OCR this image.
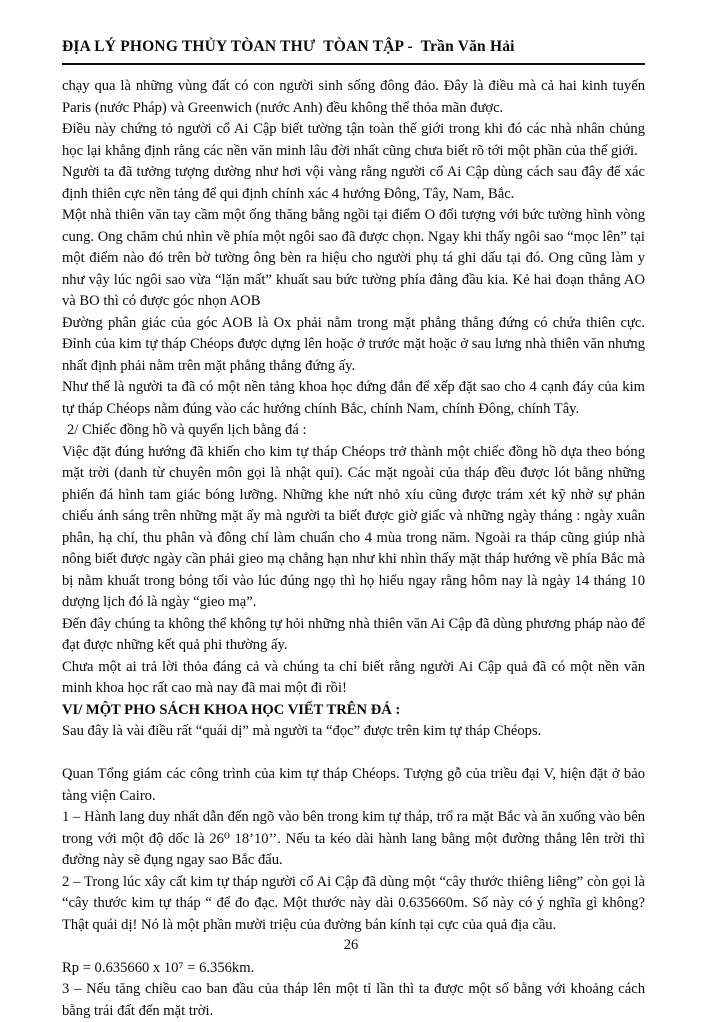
ĐỊA LÝ PHONG THỦY TÒAN THƯ  TÒAN TẬP -  Trần Văn Hải

chạy qua là những vùng đất có con người sinh sống đông đảo. Đây là điều mà cả hai kinh tuyến Paris (nước Pháp) và Greenwich (nước Anh) đều không thể thỏa mãn được.

Điều này chứng tỏ người cổ Ai Cập biết tường tận toàn thế giới trong khi đó các nhà nhân chủng học lại khẳng định rằng các nền văn minh lâu đời nhất cũng chưa biết rõ tới một phần của thế giới.

Người ta đã tưởng tượng dường như hơi vội vàng rằng người cổ Ai Cập dùng cách sau đây để xác định thiên cực nền tảng để qui định chính xác 4 hướng Đông, Tây, Nam, Bắc.

Một nhà thiên văn tay cầm một ống thăng bằng ngồi tại điểm O đối tượng với bức tường hình vòng cung. Ong chăm chú nhìn về phía một ngôi sao đã được chọn. Ngay khi thấy ngôi sao “mọc lên” tại một điểm nào đó trên bờ tường ông bèn ra hiệu cho người phụ tá ghi dấu tại đó. Ong cũng làm y như vậy lúc ngôi sao vừa “lặn mất” khuất sau bức tường phía đằng đầu kia. Kẻ hai đoạn thẳng AO và BO thì có được góc nhọn AOB

Đường phân giác của góc AOB là Ox phải nằm trong mặt phẳng thẳng đứng có chứa thiên cực. Đỉnh của kim tự tháp Chéops được dựng lên hoặc ở trước mặt hoặc ở sau lưng nhà thiên văn nhưng nhất định phải nằm trên mặt phẳng thẳng đứng ấy.

Như thế là người ta đã có một nền tảng khoa học đứng đắn để xếp đặt sao cho 4 cạnh đáy của kim tự tháp Chéops nằm đúng vào các hướng chính Bắc, chính Nam, chính Đông, chính Tây.

2/ Chiếc đồng hồ và quyển lịch bằng đá :

Việc đặt đúng hướng đã khiến cho kim tự tháp Chéops trở thành một chiếc đồng hồ dựa theo bóng mặt trời (danh từ chuyên môn gọi là nhật quỉ). Các mặt ngoài của tháp đều được lót bằng những phiến đá hình tam giác bóng lưỡng. Những khe nứt nhỏ xíu cũng được trám xét kỹ nhờ sự phản chiếu ánh sáng trên những mặt ấy mà người ta biết được giờ giấc và những ngày tháng : ngày xuân phân, hạ chí, thu phân và đông chí làm chuẩn cho 4 mùa trong năm. Ngoài ra tháp cũng giúp nhà nông biết được ngày cần phải gieo mạ chẳng hạn như khi nhìn thấy mặt tháp hướng về phía Bắc mà bị nằm khuất trong bóng tối vào lúc đúng ngọ thì họ hiểu ngay rằng hôm nay là ngày 14 tháng 10 dượng lịch đó là ngày “gieo mạ”.

Đến đây chúng ta không thể không tự hỏi những nhà thiên văn Ai Cập đã dùng phương pháp nào để đạt được những kết quả phi thường ấy.

Chưa một ai trả lời thỏa đáng cả và chúng ta chỉ biết rằng người Ai Cập quả đã có một nền văn minh khoa học rất cao mà nay đã mai một đi rồi!

VI/ MỘT PHO SÁCH KHOA HỌC VIẾT TRÊN ĐÁ :

Sau đây là vài điều rất “quái dị” mà người ta “đọc” được trên kim tự tháp Chéops.

Quan Tổng giám các công trình của kim tự tháp Chéops. Tượng gỗ của triều đại V, hiện đặt ở bảo tàng viện Cairo.

1 – Hành lang duy nhất dẫn đến ngõ vào bên trong kim tự tháp, trổ ra mặt Bắc và ăn xuống vào bên trong với một độ dốc là 26⁰ 18’10’’. Nếu ta kéo dài hành lang bằng một đường thẳng lên trời thì đường này sẽ đụng ngay sao Bắc đẩu.

2 – Trong lúc xây cất kim tự tháp người cổ Ai Cập đã dùng một “cây thước thiêng liêng” còn gọi là “cây thước kim tự tháp “ để đo đạc. Một thước này dài 0.635660m. Số này có ý nghĩa gì không? Thật quái dị! Nó là một phần mười triệu của đường bán kính tại cực của quả địa cầu.

Rp = 0.635660 x 10⁷ = 6.356km.

3 – Nếu tăng chiều cao ban đầu của tháp lên một tỉ lần thì ta được một số bằng với khoảng cách bằng trái đất đến mặt trời.

26
